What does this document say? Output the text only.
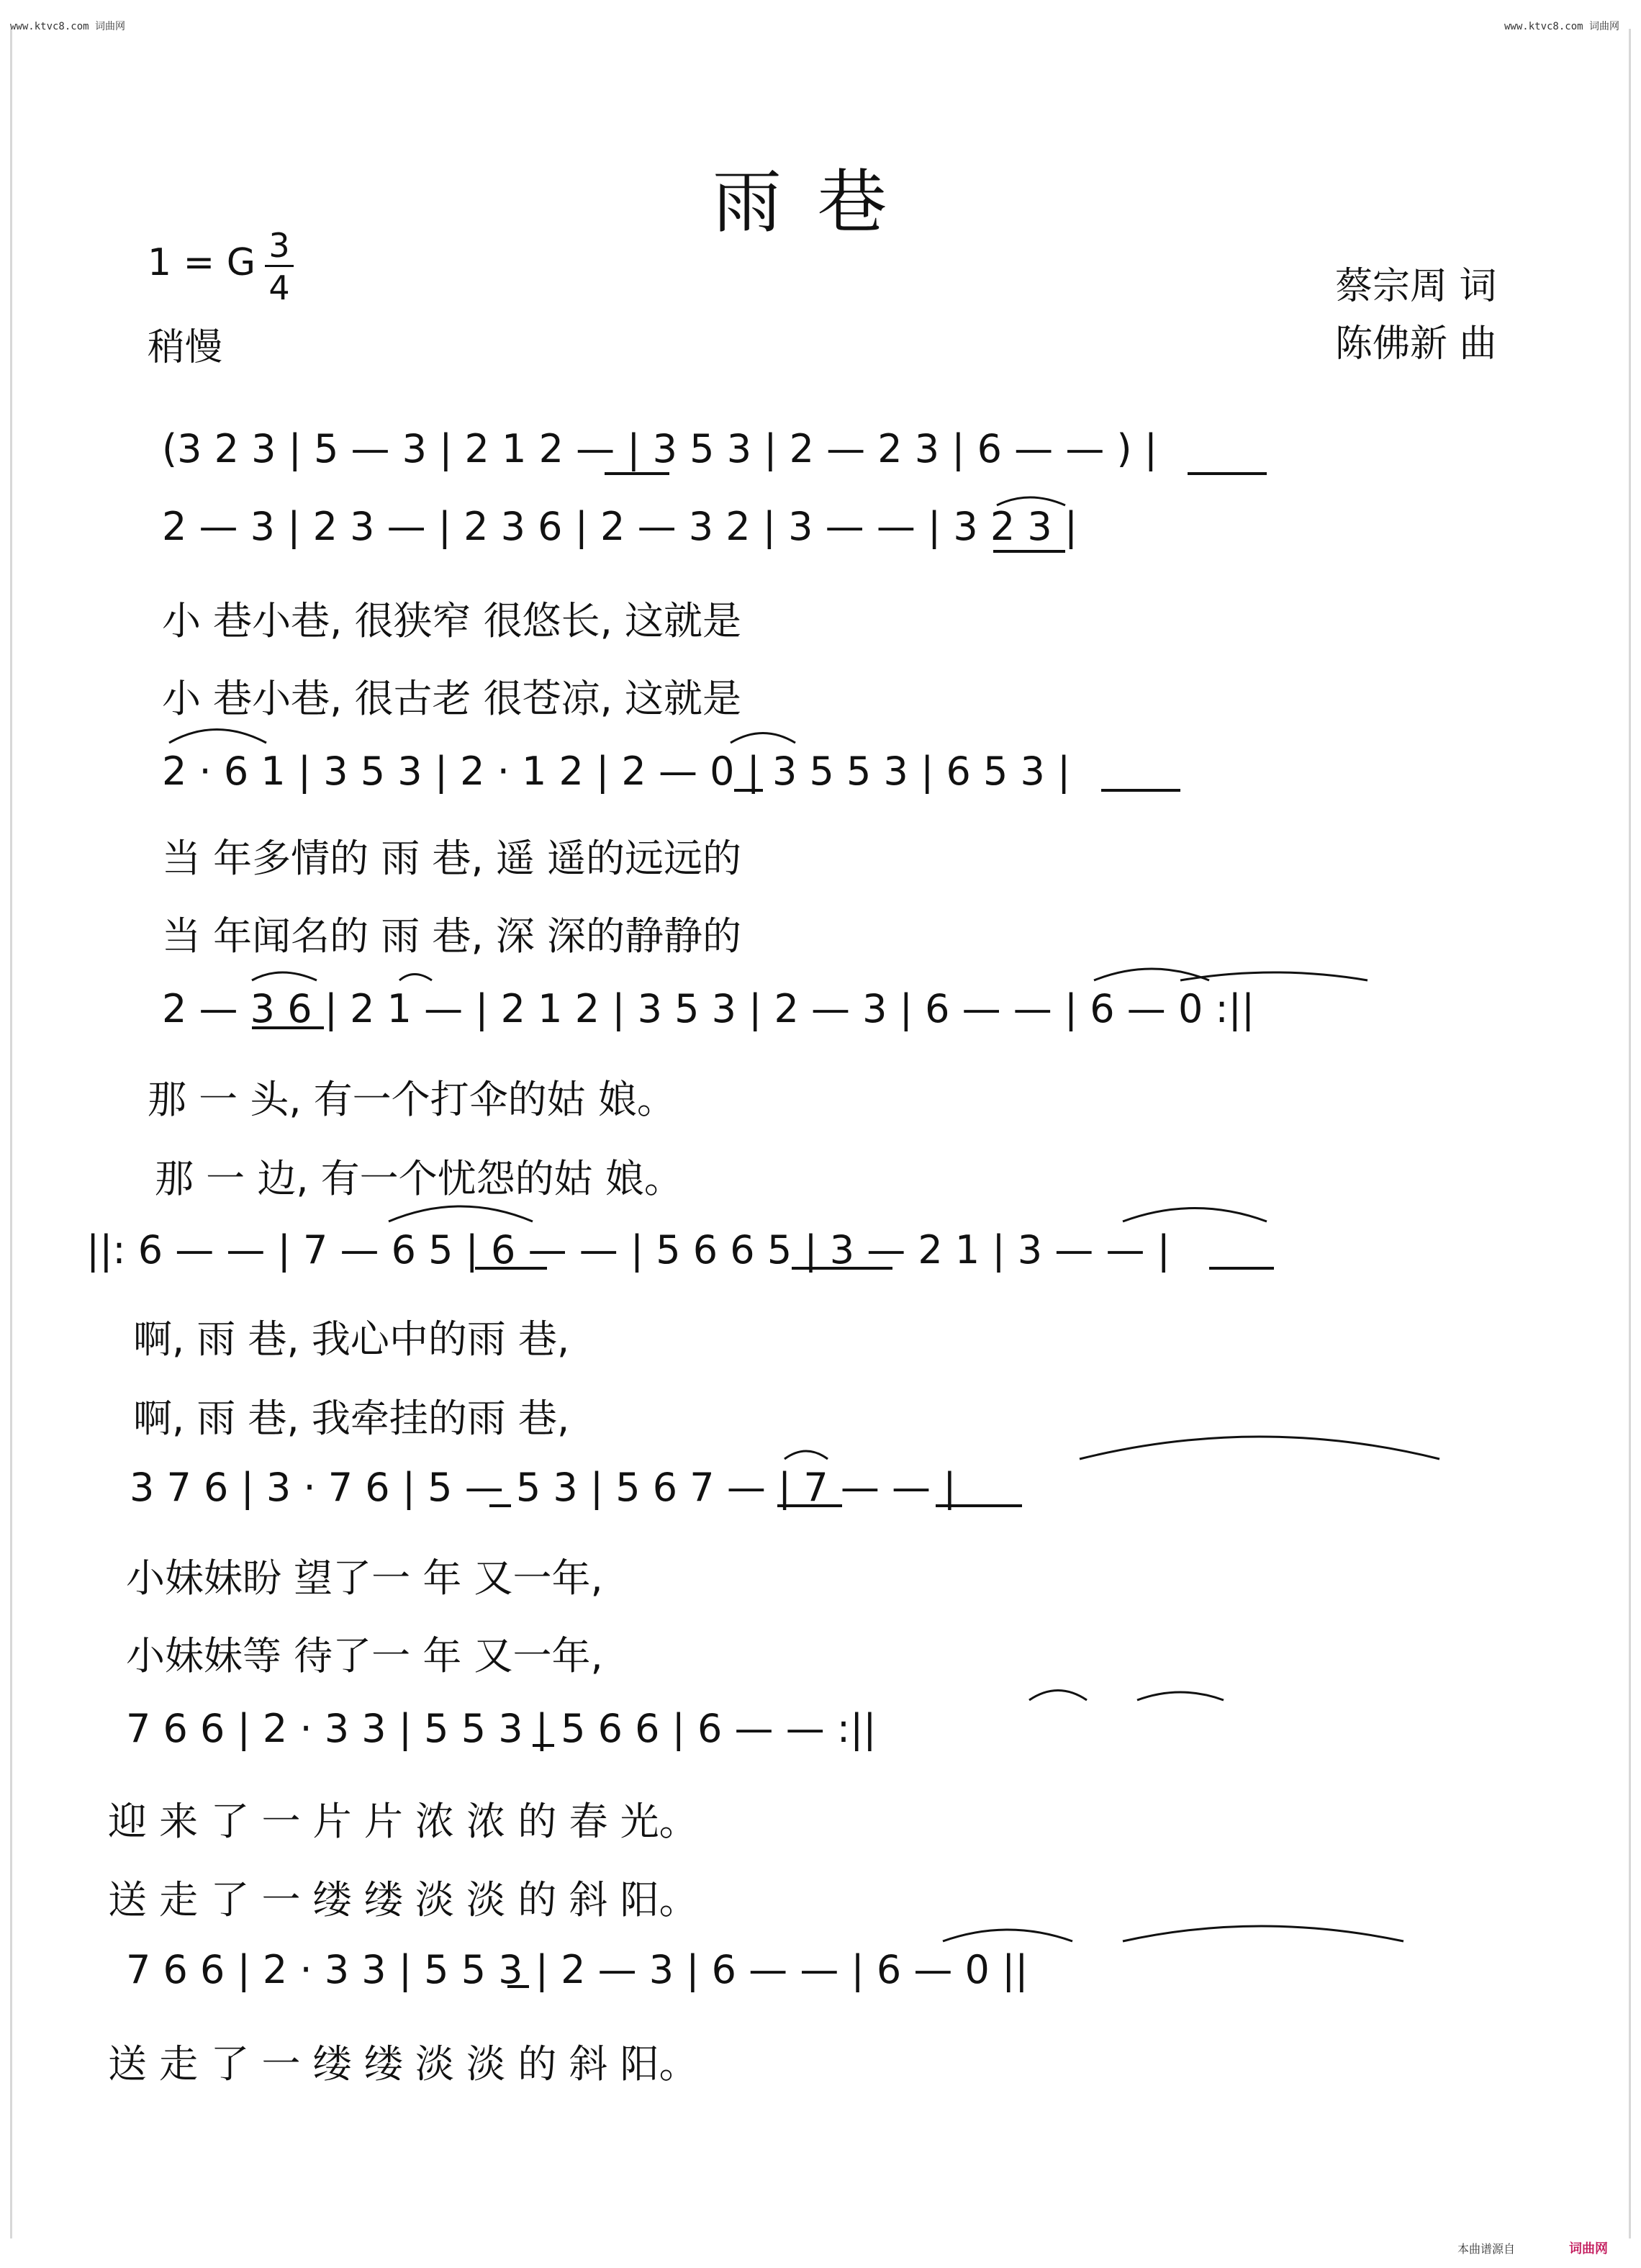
www.ktvc8.com 词曲网	www.ktvc8.com 词曲网
雨巷
1 = G 3
4
稍慢
蔡宗周 词
陈佛新 曲
(3 2 3 | 5 — 3 | 2 1 2 — | 3 5 3 | 2 — 2 3 | 6 — — ) |
2 — 3 | 2 3 — | 2 3 6 | 2 — 3 2 | 3 — — | 3 2 3 |
小 巷小巷, 很狭窄 很悠长, 这就是
小 巷小巷, 很古老 很苍凉, 这就是
2 · 6 1 | 3 5 3 | 2 · 1 2 | 2 — 0 | 3 5 5 3 | 6 5 3 |
当 年多情的 雨 巷, 遥 遥的远远的
当 年闻名的 雨 巷, 深 深的静静的
2 — 3 6 | 2 1 — | 2 1 2 | 3 5 3 | 2 — 3 | 6 — — | 6 — 0 :||
那 一 头, 有一个打伞的姑 娘。
那 一 边, 有一个忧怨的姑 娘。
||: 6 — — | 7 — 6 5 | 6 — — | 5 6 6 5 | 3 — 2 1 | 3 — — |
啊, 雨 巷, 我心中的雨 巷,
啊, 雨 巷, 我牵挂的雨 巷,
3 7 6 | 3 · 7 6 | 5 — 5 3 | 5 6 7 — | 7 — — |
小妹妹盼 望了一 年 又一年,
小妹妹等 待了一 年 又一年,
7 6 6 | 2 · 3 3 | 5 5 3 | 5 6 6 | 6 — — :||
迎 来 了 一 片 片 浓 浓 的 春 光。
送 走 了 一 缕 缕 淡 淡 的 斜 阳。
7 6 6 | 2 · 3 3 | 5 5 3 | 2 — 3 | 6 — — | 6 — 0 ||
送 走 了 一 缕 缕 淡 淡 的 斜 阳。
本曲谱源自	词曲网
